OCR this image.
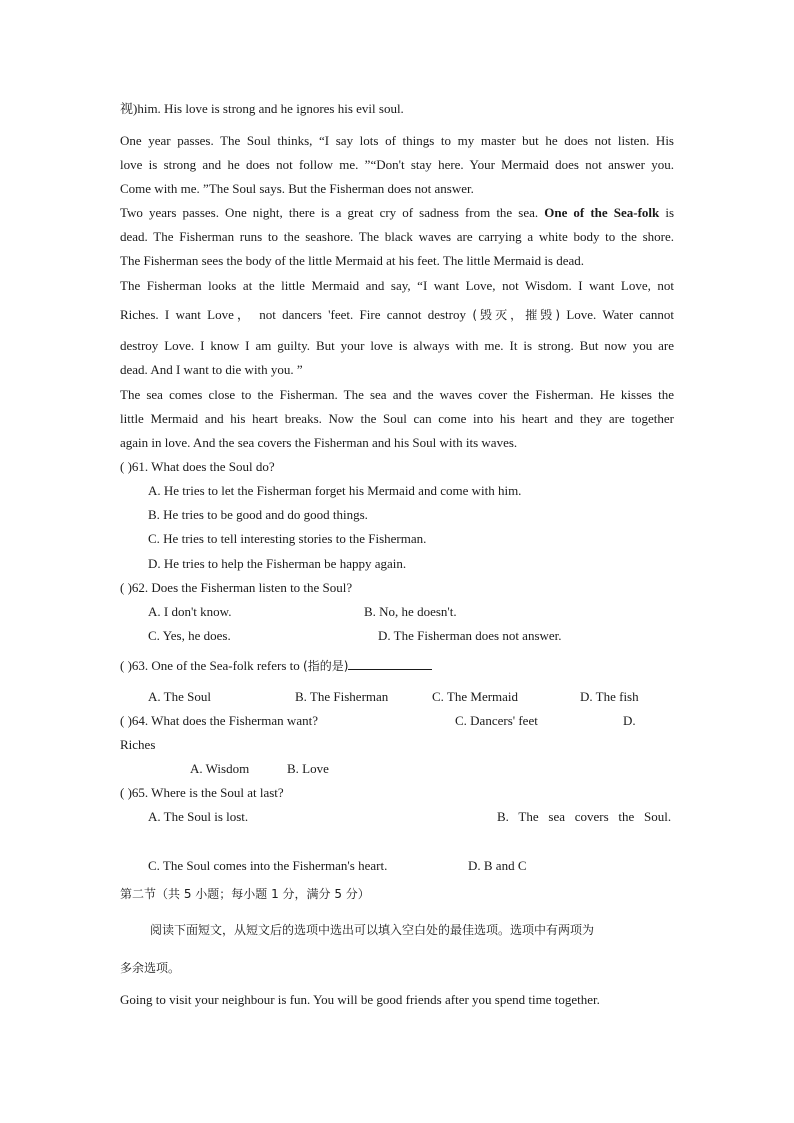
视)him. His love is strong and he ignores his evil soul.
One year passes. The Soul thinks, “I say lots of things to my master but he does not listen. His
love is strong and he does not follow me. ”“Don't stay here. Your Mermaid does not answer you.
Come with me. ”The Soul says. But the Fisherman does not answer.
Two years passes. One night, there is a great cry of sadness from the sea. One of the Sea-folk is
dead. The Fisherman runs to the seashore. The black waves are carrying a white body to the shore.
The Fisherman sees the body of the little Mermaid at his feet. The little Mermaid is dead.
The Fisherman looks at the little Mermaid and say, “I want Love, not Wisdom. I want Love, not
Riches. I want Love， not dancers 'feet. Fire cannot destroy (毁灭，摧毁) Love. Water cannot
destroy Love. I know I am guilty. But your love is always with me. It is strong. But now you are
dead. And I want to die with you. ”
The sea comes close to the Fisherman. The sea and the waves cover the Fisherman. He kisses the
little Mermaid and his heart breaks. Now the Soul can come into his heart and they are together
again in love. And the sea covers the Fisherman and his Soul with its waves.
( )61. What does the Soul do?
A. He tries to let the Fisherman forget his Mermaid and come with him.
B. He tries to be good and do good things.
C. He tries to tell interesting stories to the Fisherman.
D. He tries to help the Fisherman be happy again.
( )62. Does the Fisherman listen to the Soul?
A. I don't know.	B. No, he doesn't.
C. Yes, he does.	D. The Fisherman does not answer.
( )63. One of the Sea-folk refers to (指的是)
A. The Soul	B. The Fisherman	C. The Mermaid	D. The fish
( )64. What does the Fisherman want?	C. Dancers' feet	D.
Riches
A. Wisdom	B. Love
( )65. Where is the Soul at last?
A. The Soul is lost.	B.   The   sea   covers   the   Soul.
C. The Soul comes into the Fisherman's heart.	D. B and C
第二节（共 5 小题；每小题 1 分，满分 5 分）
阅读下面短文，从短文后的选项中选出可以填入空白处的最佳选项。选项中有两项为
多余选项。
Going to visit your neighbour is fun. You will be good friends after you spend time together.
